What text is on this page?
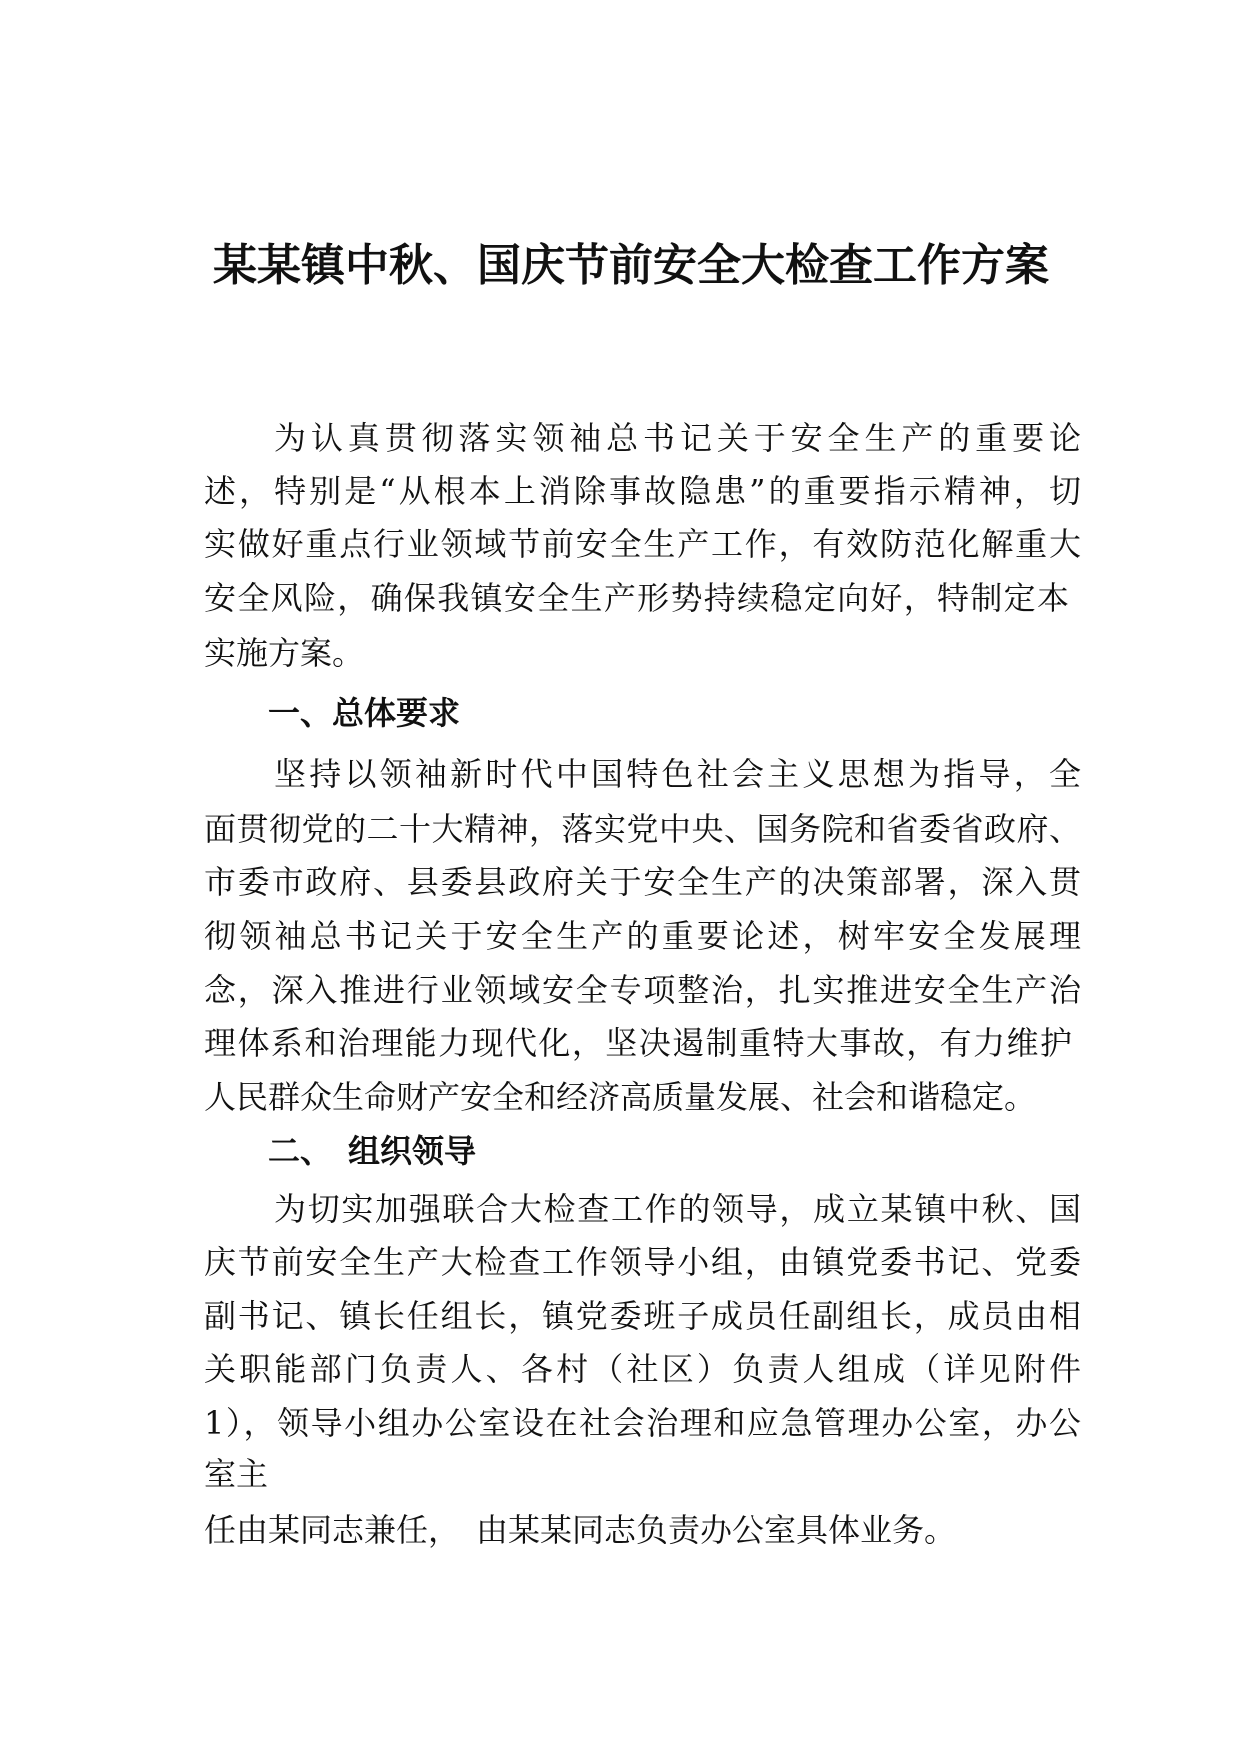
某某镇中秋、国庆节前安全大检查工作方案
为认真贯彻落实领袖总书记关于安全生产的重要论
述，特别是“从根本上消除事故隐患”的重要指示精神，切
实做好重点行业领域节前安全生产工作，有效防范化解重大
安全风险，确保我镇安全生产形势持续稳定向好，特制定本
实施方案。
一、总体要求
坚持以领袖新时代中国特色社会主义思想为指导，全
面贯彻党的二十大精神，落实党中央、国务院和省委省政府、
市委市政府、县委县政府关于安全生产的决策部署，深入贯
彻领袖总书记关于安全生产的重要论述，树牢安全发展理
念，深入推进行业领域安全专项整治，扎实推进安全生产治
理体系和治理能力现代化，坚决遏制重特大事故，有力维护
人民群众生命财产安全和经济高质量发展、社会和谐稳定。
二、　组织领导
为切实加强联合大检查工作的领导，成立某镇中秋、国
庆节前安全生产大检查工作领导小组，由镇党委书记、党委
副书记、镇长任组长，镇党委班子成员任副组长，成员由相
关职能部门负责人、各村（社区）负责人组成（详见附件
1），领导小组办公室设在社会治理和应急管理办公室，办公
室主
任由某同志兼任，　由某某同志负责办公室具体业务。
